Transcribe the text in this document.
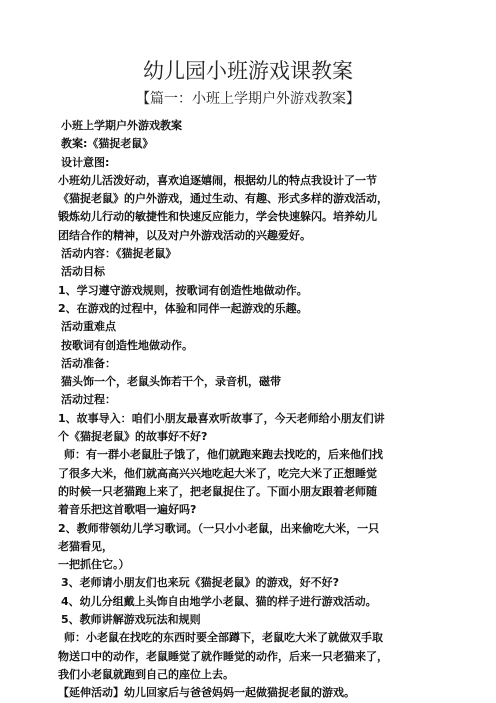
幼儿园小班游戏课教案
【篇一：小班上学期户外游戏教案】

小班上学期户外游戏教案

教案:《猫捉老鼠》

设计意图:

小班幼儿活泼好动，喜欢追逐嬉闹，根据幼儿的特点我设计了一节

《猫捉老鼠》的户外游戏，通过生动、有趣、形式多样的游戏活动，

锻炼幼儿行动的敏捷性和快速反应能力，学会快速躲闪。培养幼儿

团结合作的精神，以及对户外游戏活动的兴趣爱好。

活动内容：《猫捉老鼠》

活动目标

1、学习遵守游戏规则，按歌词有创造性地做动作。

2、在游戏的过程中，体验和同伴一起游戏的乐趣。

活动重难点

按歌词有创造性地做动作。

活动准备：

猫头饰一个，老鼠头饰若干个，录音机，磁带

活动过程：

1、故事导入：咱们小朋友最喜欢听故事了，今天老师给小朋友们讲

个《猫捉老鼠》的故事好不好?

师：有一群小老鼠肚子饿了，他们就跑来跑去找吃的，后来他们找

了很多大米，他们就高高兴兴地吃起大米了，吃完大米了正想睡觉

的时候一只老猫跑上来了，把老鼠捉住了。下面小朋友跟着老师随

着音乐把这首歌唱一遍好吗?

2、教师带领幼儿学习歌词。（一只小小老鼠，出来偷吃大米，一只

老猫看见，

一把抓住它。）

3、老师请小朋友们也来玩《猫捉老鼠》的游戏，好不好?

4、幼儿分组戴上头饰自由地学小老鼠、猫的样子进行游戏活动。

5、教师讲解游戏玩法和规则

师：小老鼠在找吃的东西时要全部蹲下，老鼠吃大米了就做双手取

物送口中的动作，老鼠睡觉了就作睡觉的动作，后来一只老猫来了，

我们小老鼠就跑到自己的座位上去。

【延伸活动】幼儿回家后与爸爸妈妈一起做猫捉老鼠的游戏。
